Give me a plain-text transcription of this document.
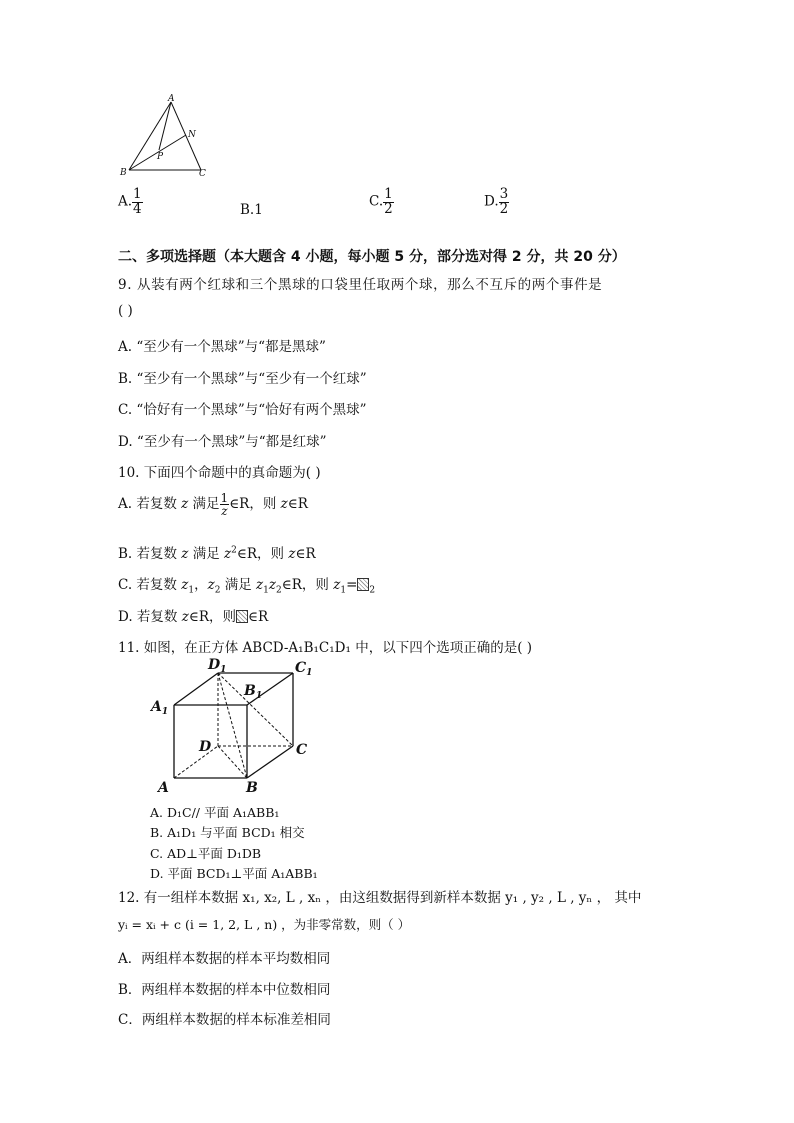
A
N
P
B	C
A. $\frac{1}{4}$	B.1
C. $\frac{1}{2}$	D. $\frac{3}{2}$
二、多项选择题（本大题含 4 小题，每小题 5 分，部分选对得 2 分，共 20 分）
9. 从装有两个红球和三个黑球的口袋里任取两个球，那么不互斥的两个事件是
( )
A. “至少有一个黑球”与“都是黑球”
B. “至少有一个黑球”与“至少有一个红球”
C. “恰好有一个黑球”与“恰好有两个黑球”
D. “至少有一个黑球”与“都是红球”
10. 下面四个命题中的真命题为( )
A. 若复数 z 满足 $\frac{1}{z}$ ∈R，则 z∈R
B. 若复数 z 满足 $z^2\in R$，则 z∈R
C. 若复数 $z_1$，$z_2$ 满足 $z_1z_2\in R$，则 $z_1= _2$
D. 若复数 z∈R，则 ∈R
11. 如图，在正方体 ABCD-A₁B₁C₁D₁ 中，以下四个选项正确的是( )
$D_1$	$C_1$
$B_1$
$A_1$
D	C
A	B
A. D₁C// 平面 A₁ABB₁
B. A₁D₁ 与平面 BCD₁ 相交
C. AD⊥平面 D₁DB
D. 平面 BCD₁⊥平面 A₁ABB₁
12. 有一组样本数据 x₁, x₂, L , xₙ ，由这组数据得到新样本数据 y₁ , y₂ , L , yₙ ， 其中
yᵢ = xᵢ + c (i = 1, 2, L , n) ，为非零常数，则（ ）
A．两组样本数据的样本平均数相同
B．两组样本数据的样本中位数相同
C．两组样本数据的样本标准差相同
